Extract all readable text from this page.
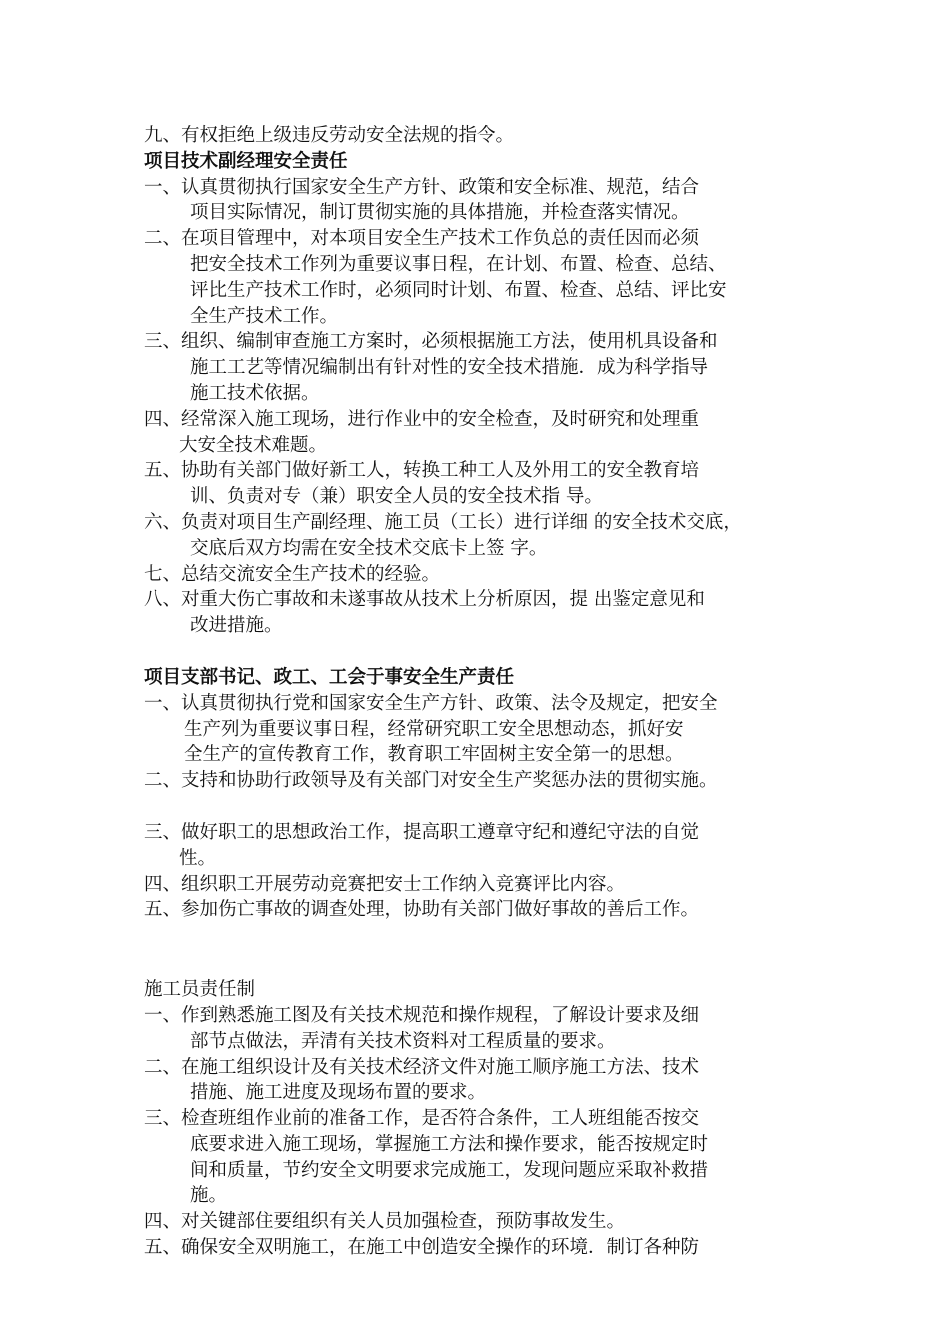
九、有权拒绝上级违反劳动安全法规的指令。
项目技术副经理安全责任
一、认真贯彻执行国家安全生产方针、政策和安全标准、规范，结合
项目实际情况，制订贯彻实施的具体措施，并检查落实情况。
二、在项目管理中，对本项目安全生产技术工作负总的责任因而必须
把安全技术工作列为重要议事日程，在计划、布置、检查、总结、
评比生产技术工作时，必须同时计划、布置、检查、总结、评比安
全生产技术工作。
三、组织、编制审查施工方案时，必须根据施工方法，使用机具设备和
施工工艺等情况编制出有针对性的安全技术措施．成为科学指导
施工技术依据。
四、经常深入施工现场，进行作业中的安全检查，及时研究和处理重
大安全技术难题。
五、协助有关部门做好新工人，转换工种工人及外用工的安全教育培
训、负责对专（兼）职安全人员的安全技术指 导。
六、负责对项目生产副经理、施工员（工长）进行详细 的安全技术交底，
交底后双方均需在安全技术交底卡上签 字。
七、总结交流安全生产技术的经验。
八、对重大伤亡事故和未遂事故从技术上分析原因，提 出鉴定意见和
改进措施。
项目支部书记、政工、工会于事安全生产责任
一、认真贯彻执行党和国家安全生产方针、政策、法令及规定，把安全
生产列为重要议事日程，经常研究职工安全思想动态，抓好安
全生产的宣传教育工作，教育职工牢固树主安全第一的思想。
二、支持和协助行政领导及有关部门对安全生产奖惩办法的贯彻实施。
三、做好职工的思想政治工作，提高职工遵章守纪和遵纪守法的自觉
性。
四、组织职工开展劳动竞赛把安士工作纳入竞赛评比内容。
五、参加伤亡事故的调查处理，协助有关部门做好事故的善后工作。
施工员责任制
一、作到熟悉施工图及有关技术规范和操作规程，了解设计要求及细
部节点做法，弄清有关技术资料对工程质量的要求。
二、在施工组织设计及有关技术经济文件对施工顺序施工方法、技术
措施、施工进度及现场布置的要求。
三、检查班组作业前的准备工作，是否符合条件，工人班组能否按交
底要求进入施工现场，掌握施工方法和操作要求，能否按规定时
间和质量，节约安全文明要求完成施工，发现问题应采取补救措
施。
四、对关键部住要组织有关人员加强检查，预防事故发生。
五、确保安全双明施工，在施工中创造安全操作的环境．制订各种防
